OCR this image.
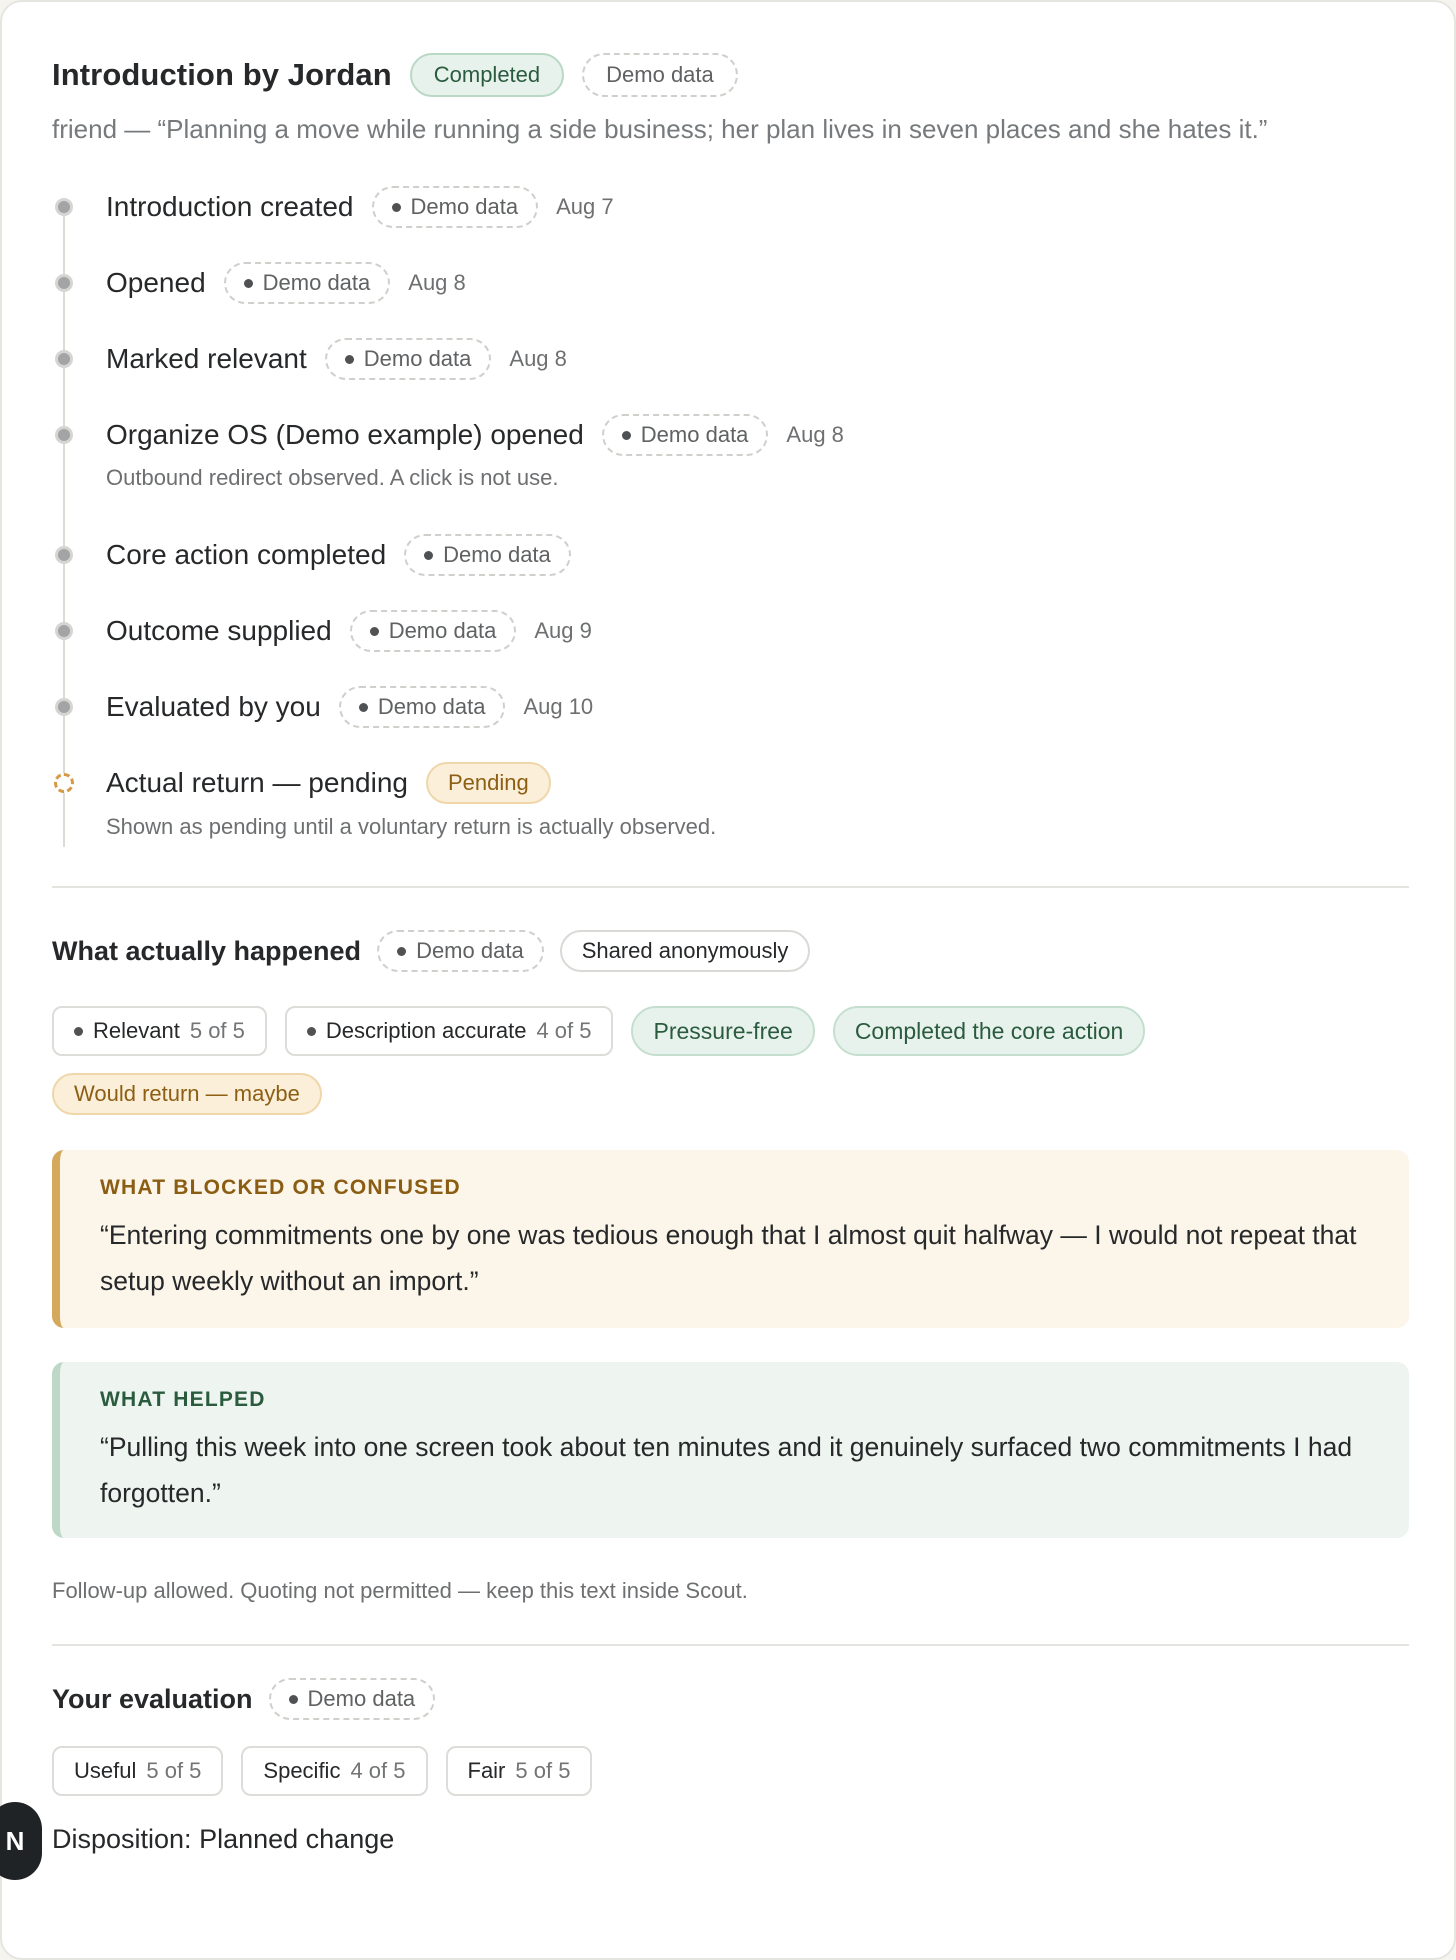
Introduction by Jordan	Completed	Demo data
friend — “Planning a move while running a side business; her plan lives in seven places and she hates it.”
Introduction created	Demo data Aug 7
Opened	Demo data Aug 8
Marked relevant	Demo data Aug 8
Organize OS (Demo example) opened	Demo data Aug 8
Outbound redirect observed. A click is not use.
Core action completed	Demo data
Outcome supplied	Demo data Aug 9
Evaluated by you	Demo data Aug 10
Actual return — pending	Pending
Shown as pending until a voluntary return is actually observed.
What actually happened	Demo data	Shared anonymously
Relevant 5 of 5	Description accurate 4 of 5	Pressure-free	Completed the core action
Would return — maybe
WHAT BLOCKED OR CONFUSED
“Entering commitments one by one was tedious enough that I almost quit halfway — I would not repeat that setup weekly without an import.”
WHAT HELPED
“Pulling this week into one screen took about ten minutes and it genuinely surfaced two commitments I had forgotten.”
Follow-up allowed. Quoting not permitted — keep this text inside Scout.
Your evaluation	Demo data
Useful 5 of 5	Specific 4 of 5	Fair 5 of 5
Disposition: Planned change
N
